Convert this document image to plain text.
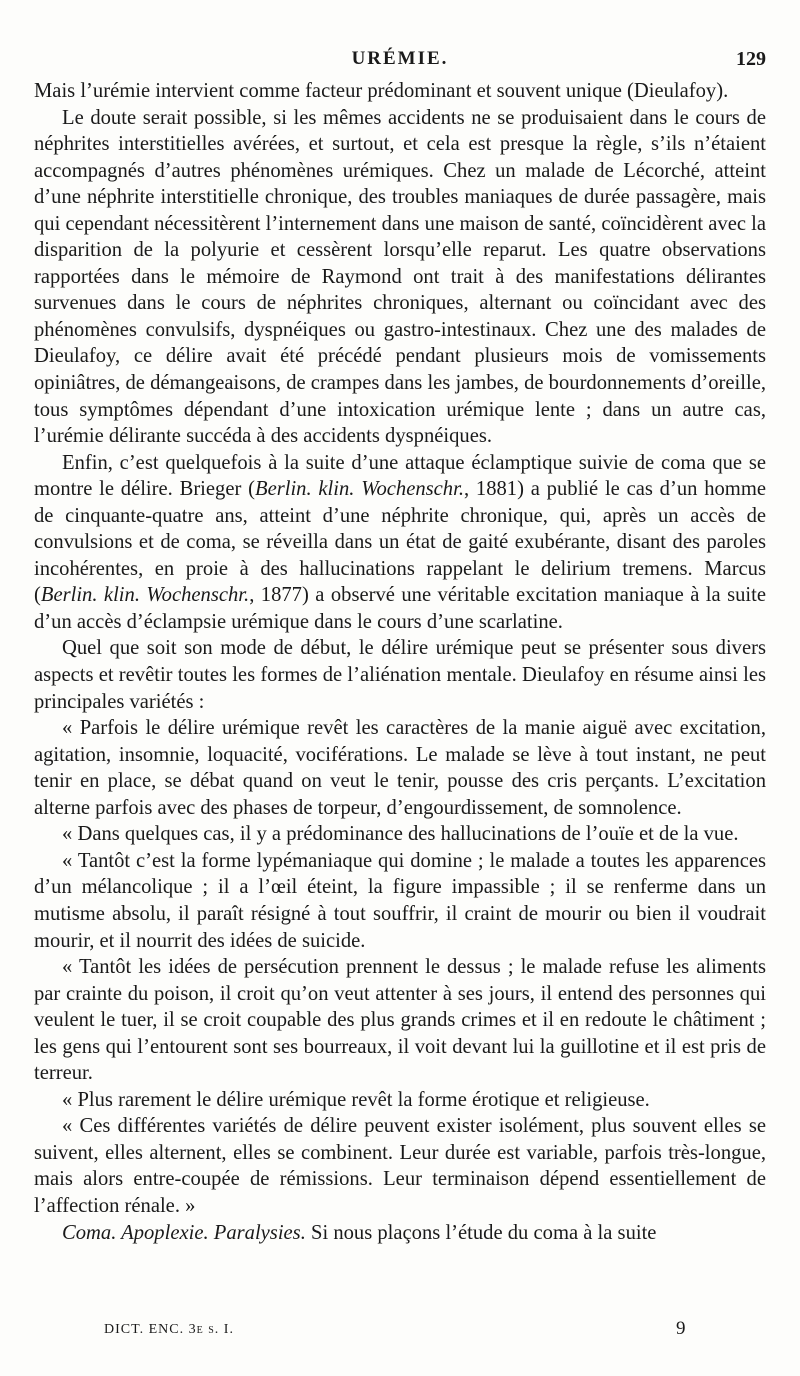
URÉMIE.	129

Mais l’urémie intervient comme facteur prédominant et souvent unique (Dieulafoy).

Le doute serait possible, si les mêmes accidents ne se produisaient dans le cours de néphrites interstitielles avérées, et surtout, et cela est presque la règle, s’ils n’étaient accompagnés d’autres phénomènes urémiques. Chez un malade de Lécorché, atteint d’une néphrite interstitielle chronique, des troubles maniaques de durée passagère, mais qui cependant nécessitèrent l’internement dans une maison de santé, coïncidèrent avec la disparition de la polyurie et cessèrent lorsqu’elle reparut. Les quatre observations rapportées dans le mémoire de Raymond ont trait à des manifestations délirantes survenues dans le cours de néphrites chroniques, alternant ou coïncidant avec des phénomènes convulsifs, dyspnéiques ou gastro-intestinaux. Chez une des malades de Dieulafoy, ce délire avait été précédé pendant plusieurs mois de vomissements opiniâtres, de démangeaisons, de crampes dans les jambes, de bourdonnements d’oreille, tous symptômes dépendant d’une intoxication urémique lente ; dans un autre cas, l’urémie délirante succéda à des accidents dyspnéiques.

Enfin, c’est quelquefois à la suite d’une attaque éclamptique suivie de coma que se montre le délire. Brieger (Berlin. klin. Wochenschr., 1881) a publié le cas d’un homme de cinquante-quatre ans, atteint d’une néphrite chronique, qui, après un accès de convulsions et de coma, se réveilla dans un état de gaité exubérante, disant des paroles incohérentes, en proie à des hallucinations rappelant le delirium tremens. Marcus (Berlin. klin. Wochenschr., 1877) a observé une véritable excitation maniaque à la suite d’un accès d’éclampsie urémique dans le cours d’une scarlatine.

Quel que soit son mode de début, le délire urémique peut se présenter sous divers aspects et revêtir toutes les formes de l’aliénation mentale. Dieulafoy en résume ainsi les principales variétés :

« Parfois le délire urémique revêt les caractères de la manie aiguë avec excitation, agitation, insomnie, loquacité, vociférations. Le malade se lève à tout instant, ne peut tenir en place, se débat quand on veut le tenir, pousse des cris perçants. L’excitation alterne parfois avec des phases de torpeur, d’engourdissement, de somnolence.

« Dans quelques cas, il y a prédominance des hallucinations de l’ouïe et de la vue.

« Tantôt c’est la forme lypémaniaque qui domine ; le malade a toutes les apparences d’un mélancolique ; il a l’œil éteint, la figure impassible ; il se renferme dans un mutisme absolu, il paraît résigné à tout souffrir, il craint de mourir ou bien il voudrait mourir, et il nourrit des idées de suicide.

« Tantôt les idées de persécution prennent le dessus ; le malade refuse les aliments par crainte du poison, il croit qu’on veut attenter à ses jours, il entend des personnes qui veulent le tuer, il se croit coupable des plus grands crimes et il en redoute le châtiment ; les gens qui l’entourent sont ses bourreaux, il voit devant lui la guillotine et il est pris de terreur.

« Plus rarement le délire urémique revêt la forme érotique et religieuse.

« Ces différentes variétés de délire peuvent exister isolément, plus souvent elles se suivent, elles alternent, elles se combinent. Leur durée est variable, parfois très-longue, mais alors entre-coupée de rémissions. Leur terminaison dépend essentiellement de l’affection rénale. »

Coma. Apoplexie. Paralysies. Si nous plaçons l’étude du coma à la suite

DICT. ENC. 3e s. I.	9
